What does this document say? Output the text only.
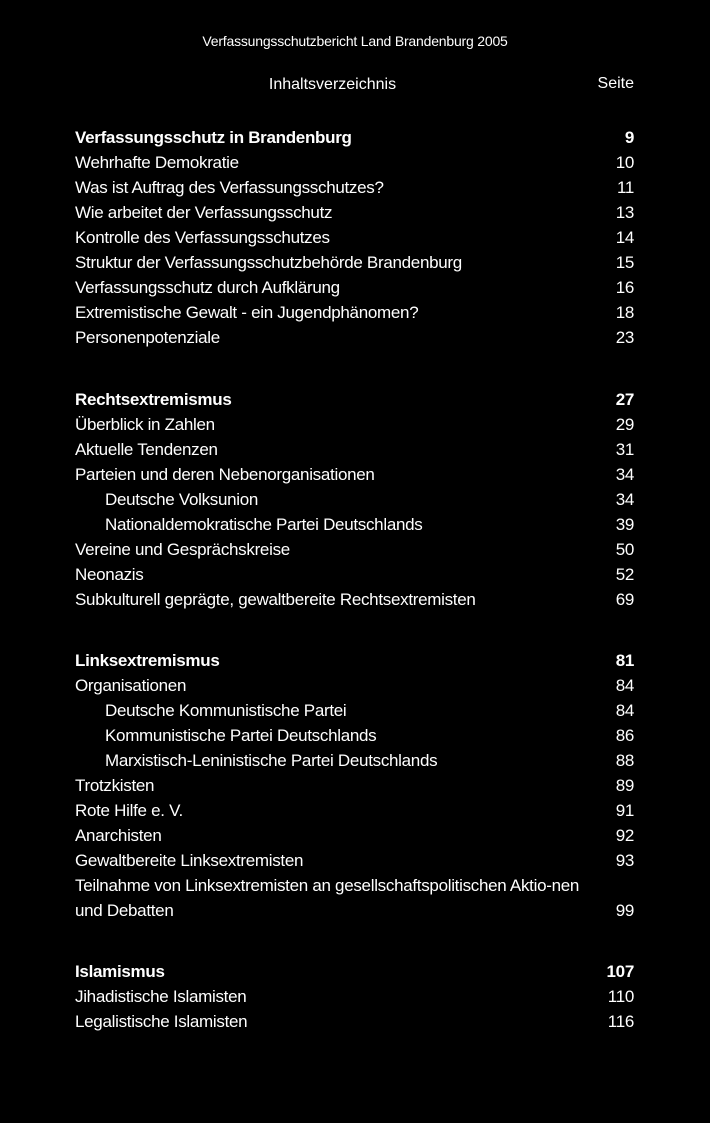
Verfassungsschutzbericht Land Brandenburg 2005
Inhaltsverzeichnis	Seite
Verfassungsschutz in Brandenburg	9
Wehrhafte Demokratie	10
Was ist Auftrag des Verfassungsschutzes?	11
Wie arbeitet der Verfassungsschutz	13
Kontrolle des Verfassungsschutzes	14
Struktur der Verfassungsschutzbehörde Brandenburg	15
Verfassungsschutz durch Aufklärung	16
Extremistische Gewalt - ein Jugendphänomen?	18
Personenpotenziale	23
Rechtsextremismus	27
Überblick in Zahlen	29
Aktuelle Tendenzen	31
Parteien und deren Nebenorganisationen	34
Deutsche Volksunion	34
Nationaldemokratische Partei Deutschlands	39
Vereine und Gesprächskreise	50
Neonazis	52
Subkulturell geprägte, gewaltbereite Rechtsextremisten	69
Linksextremismus	81
Organisationen	84
Deutsche Kommunistische Partei	84
Kommunistische Partei Deutschlands	86
Marxistisch-Leninistische Partei Deutschlands	88
Trotzkisten	89
Rote Hilfe e. V.	91
Anarchisten	92
Gewaltbereite Linksextremisten	93
Teilnahme von Linksextremisten an gesellschaftspolitischen Aktio-nen und Debatten	99
Islamismus	107
Jihadistische Islamisten	110
Legalistische Islamisten	116
